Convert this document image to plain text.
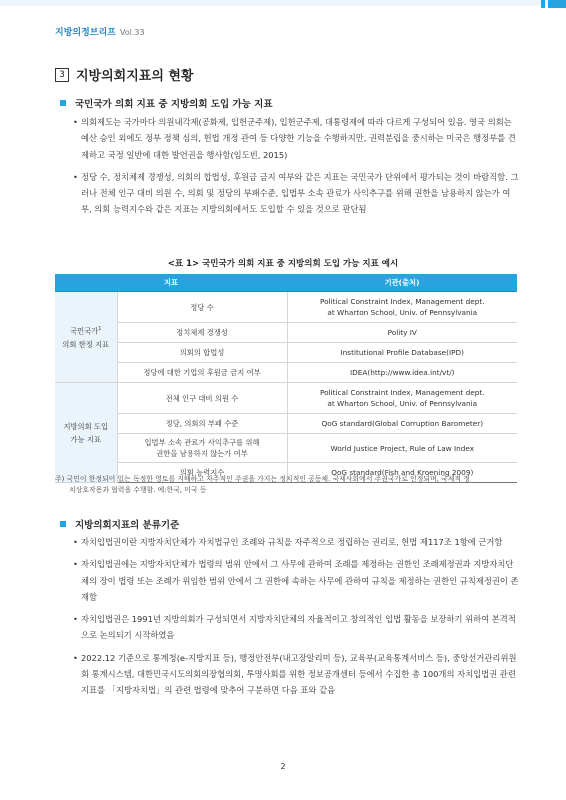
지방의정브리프 Vol.33
3 지방의회지표의 현황
국민국가 의회 지표 중 지방의회 도입 가능 지표

• 의회제도는 국가마다 의원내각제(공화제, 입헌군주제), 입헌군주제, 대통령제에 따라 다르게 구성되어 있음. 영국 의회는 예산 승인 외에도 정부 정책 심의, 헌법 개정 관여 등 다양한 기능을 수행하지만, 권력분립을 중시하는 미국은 행정부를 견제하고 국정 일반에 대한 발언권을 행사함(임도빈, 2015)

• 정당 수, 정치체제 경쟁성, 의회의 합법성, 후원금 금지 여부와 같은 지표는 국민국가 단위에서 평가되는 것이 바람직함. 그러나 전체 인구 대비 의원 수, 의회 및 정당의 부패수준, 입법부 소속 관료가 사익추구를 위해 권한을 남용하지 않는가 여부, 의회 능력지수와 같은 지표는 지방의회에서도 도입할 수 있을 것으로 판단됨

<표 1> 국민국가 의회 지표 중 지방의회 도입 가능 지표 예시
지표		기관(출처)
국민국가$^1$
의회 한정 지표	정당 수	Political Constraint Index, Management dept.
at Wharton School, Univ. of Pennsylvania
	정치체제 경쟁성	Polity IV
	의회의 합법성	Institutional Profile Database(IPD)
	정당에 대한 기업의 후원금 금지 여부	IDEA(http://www.idea.int/vt/)
지방의회 도입
가능 지표	전체 인구 대비 의원 수	Political Constraint Index, Management dept.
at Wharton School, Univ. of Pennsylvania
	정당, 의회의 부패 수준	QoG standard(Global Corruption Barometer)
	입법부 소속 관료가 사익추구를 위해
권한을 남용하지 않는가 여부	World Justice Project, Rule of Law Index
	의회 능력지수	OoG standard(Fish and Kroening 2009)
주) 국민이 한정되어 있는 독정한 영토를 지배하고 자주적인 주권을 가지는 정치적인 공동체. 국제사회에서 주권국가로 인정되며, 국제적 정
치상호작용과 협력을 수행함. 예:한국, 미국 등
지방의회지표의 분류기준

• 자치입법권이란 지방자치단체가 자치법규인 조례와 규칙을 자주적으로 정립하는 권리로, 헌법 제117조 1항에 근거함

• 자치입법권에는 지방자치단체가 법령의 범위 안에서 그 사무에 관하여 조례를 제정하는 권한인 조례제정권과 지방자치단체의 장이 법령 또는 조례가 위임한 범위 안에서 그 권한에 속하는 사무에 관하여 규칙을 제정하는 권한인 규칙제정권이 존재함

• 자치입법권은 1991년 지방의회가 구성되면서 지방자치단체의 자율적이고 창의적인 입법 활동을 보장하기 위하여 본격적으로 논의되기 시작하였음

• 2022.12 기준으로 통계청(e-지방지표 등), 행정안전부(내고장알리미 등), 교육부(교육통계서비스 등), 중앙선거관리위원회 통계시스템, 대한민국시도의회의장협의회, 투명사회를 위한 정보공개센터 등에서 수집한 총 100개의 자치입법권 관련 지표를 「지방자치법」의 관련 법령에 맞추어 구분하면 다음 표와 같음

2
